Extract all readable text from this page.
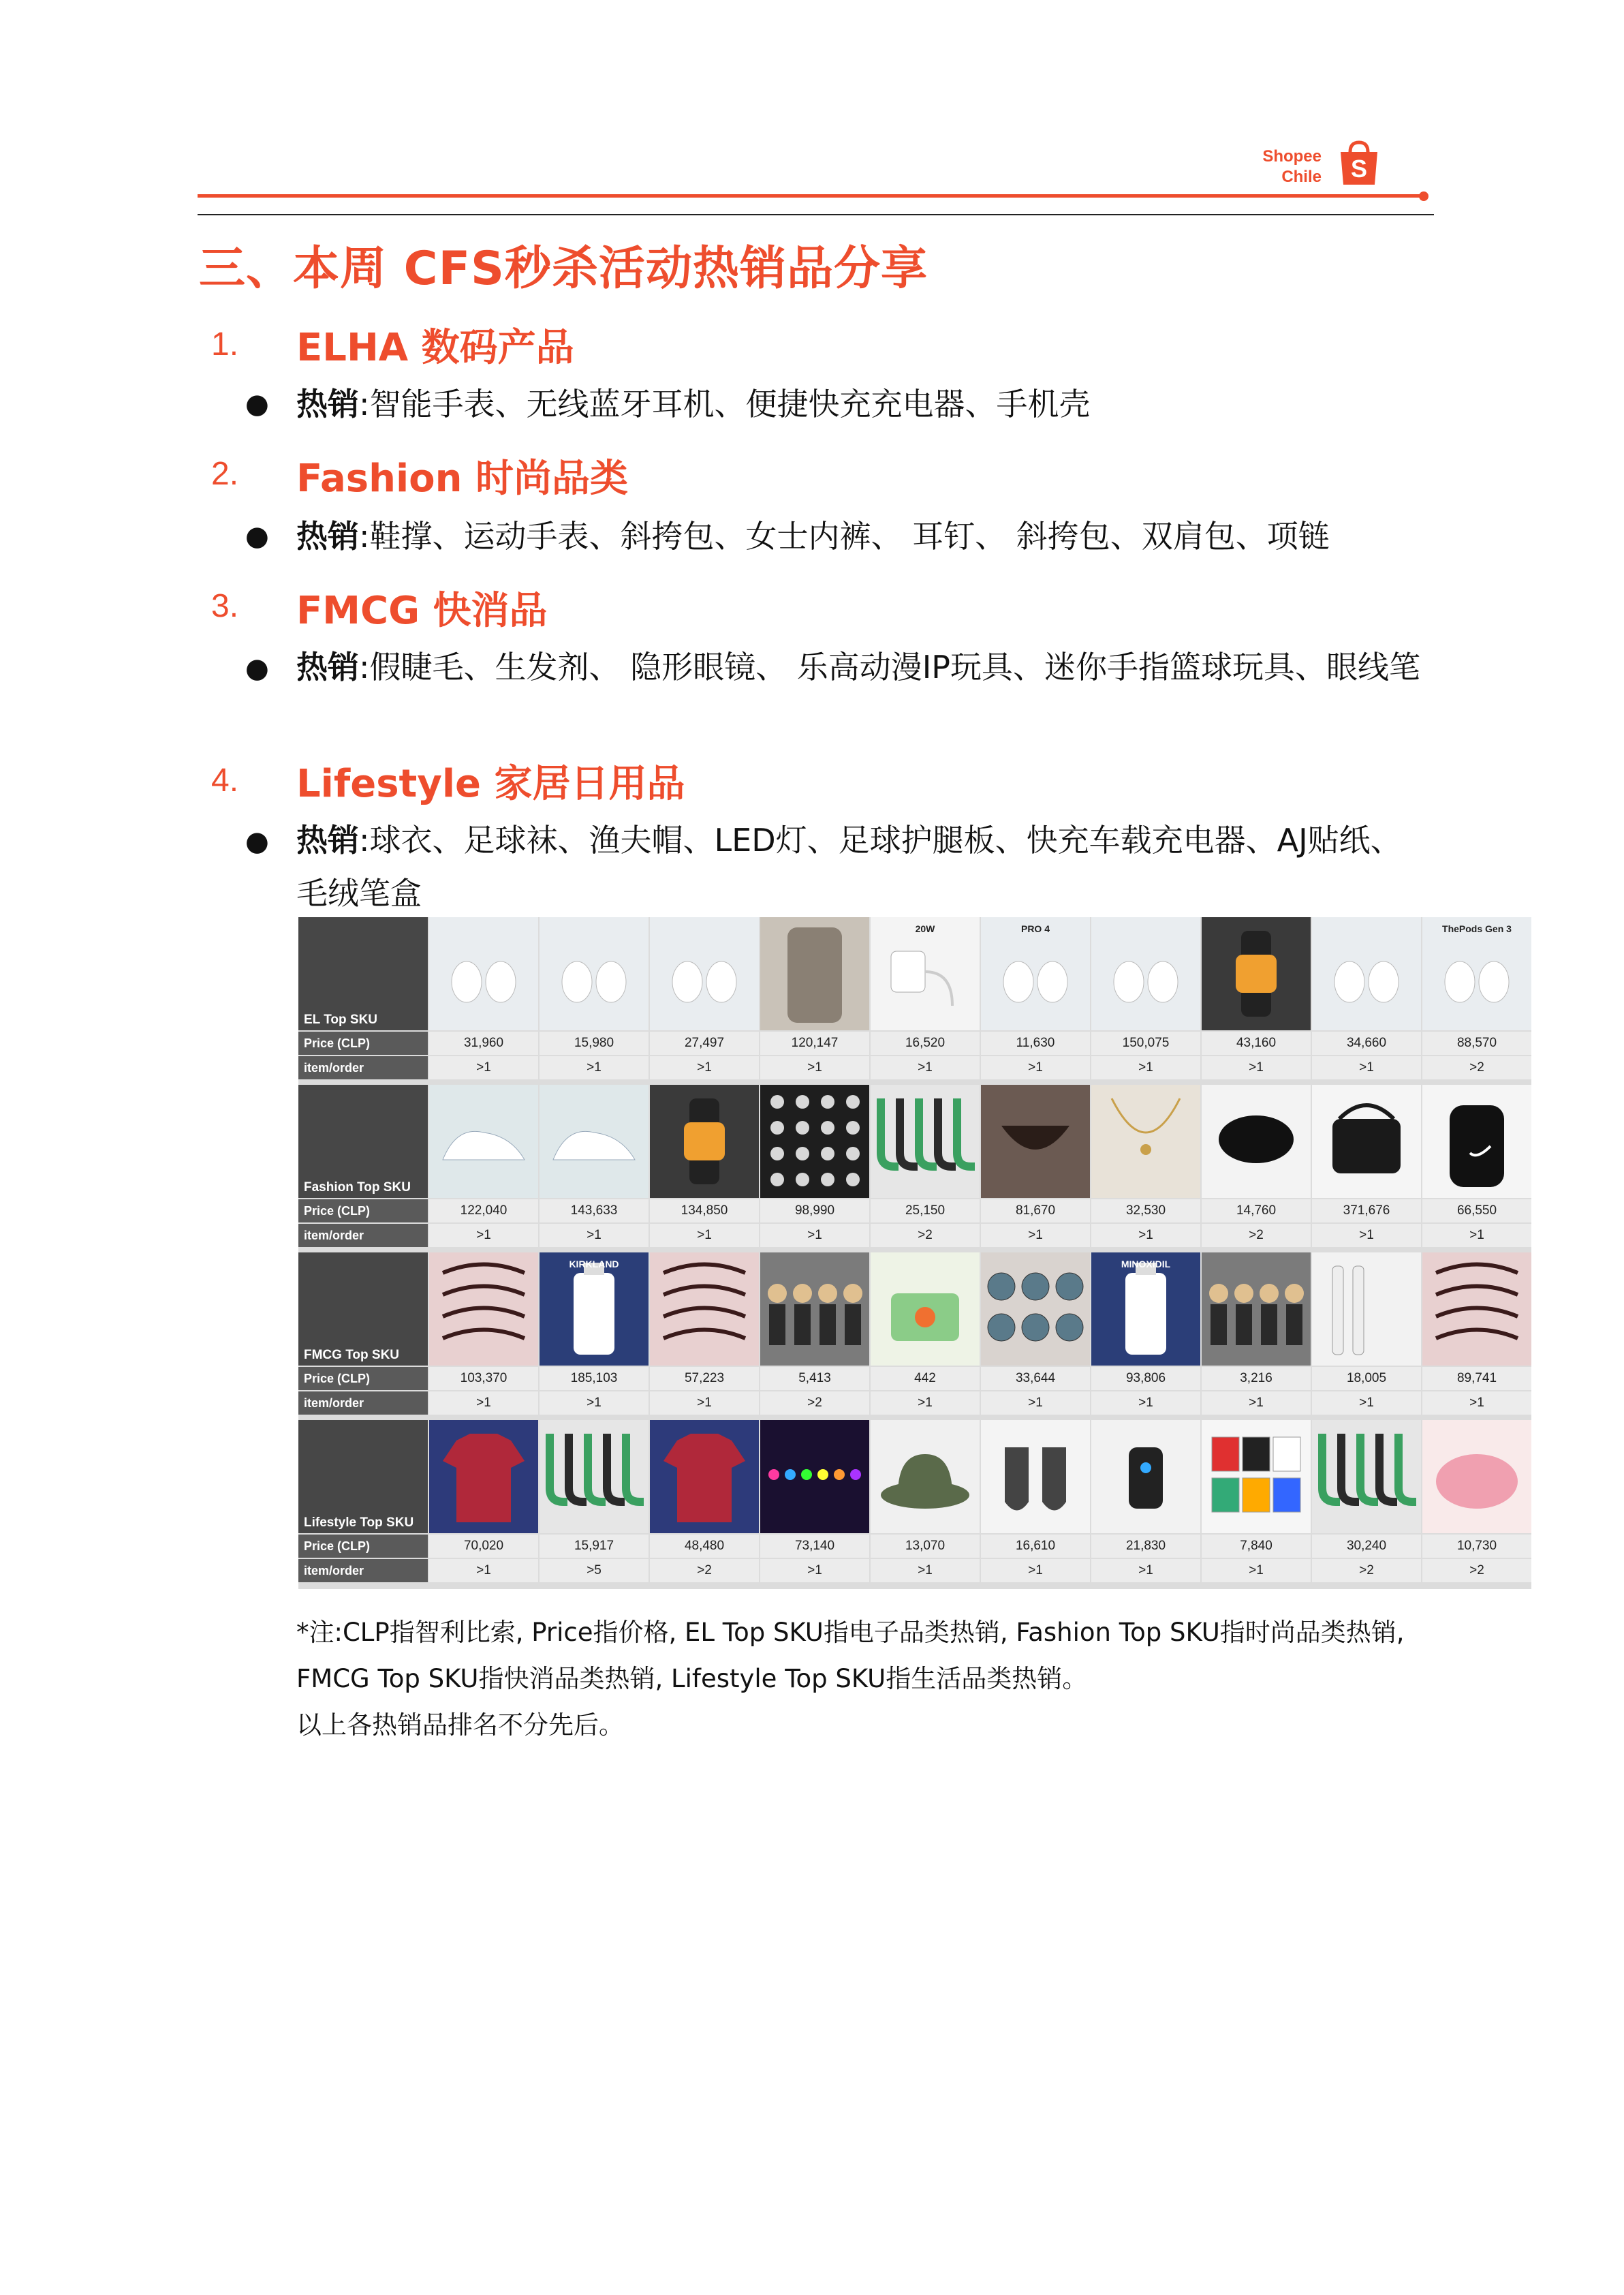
Shopee
Chile S
三、本周 CFS秒杀活动热销品分享
1. ELHA 数码产品
● 热销:智能手表、无线蓝牙耳机、便捷快充充电器、手机壳
2. Fashion 时尚品类
● 热销:鞋撑、运动手表、斜挎包、女士内裤、 耳钉、 斜挎包、双肩包、项链
3. FMCG 快消品
● 热销:假睫毛、生发剂、 隐形眼镜、 乐高动漫IP玩具、迷你手指篮球玩具、眼线笔
4. Lifestyle 家居日用品
● 热销:球衣、足球袜、渔夫帽、LED灯、足球护腿板、快充车载充电器、AJ贴纸、毛绒笔盒
EL Top SKU
Price (CLP)
item/order
31,960
>1
15,980
>1
27,497
>1
120,147
>1
20W
16,520
>1
PRO 4
11,630
>1
150,075
>1
43,160
>1
34,660
>1
ThePods Gen 3
88,570
>2
Fashion Top SKU
Price (CLP)
item/order
122,040
>1
143,633
>1
134,850
>1
98,990
>1
25,150
>2
81,670
>1
32,530
>1
14,760
>2
371,676
>1
66,550
>1
FMCG Top SKU
Price (CLP)
item/order
103,370
>1
KIRKLAND
185,103
>1
57,223
>1
5,413
>2
442
>1
33,644
>1
MINOXIDIL
93,806
>1
3,216
>1
18,005
>1
89,741
>1
Lifestyle Top SKU
Price (CLP)
item/order
70,020
>1
15,917
>5
48,480
>2
73,140
>1
13,070
>1
16,610
>1
21,830
>1
7,840
>1
30,240
>2
10,730
>2
*注:CLP指智利比索, Price指价格, EL Top SKU指电子品类热销, Fashion Top SKU指时尚品类热销, FMCG Top SKU指快消品类热销, Lifestyle Top SKU指生活品类热销。
以上各热销品排名不分先后。
